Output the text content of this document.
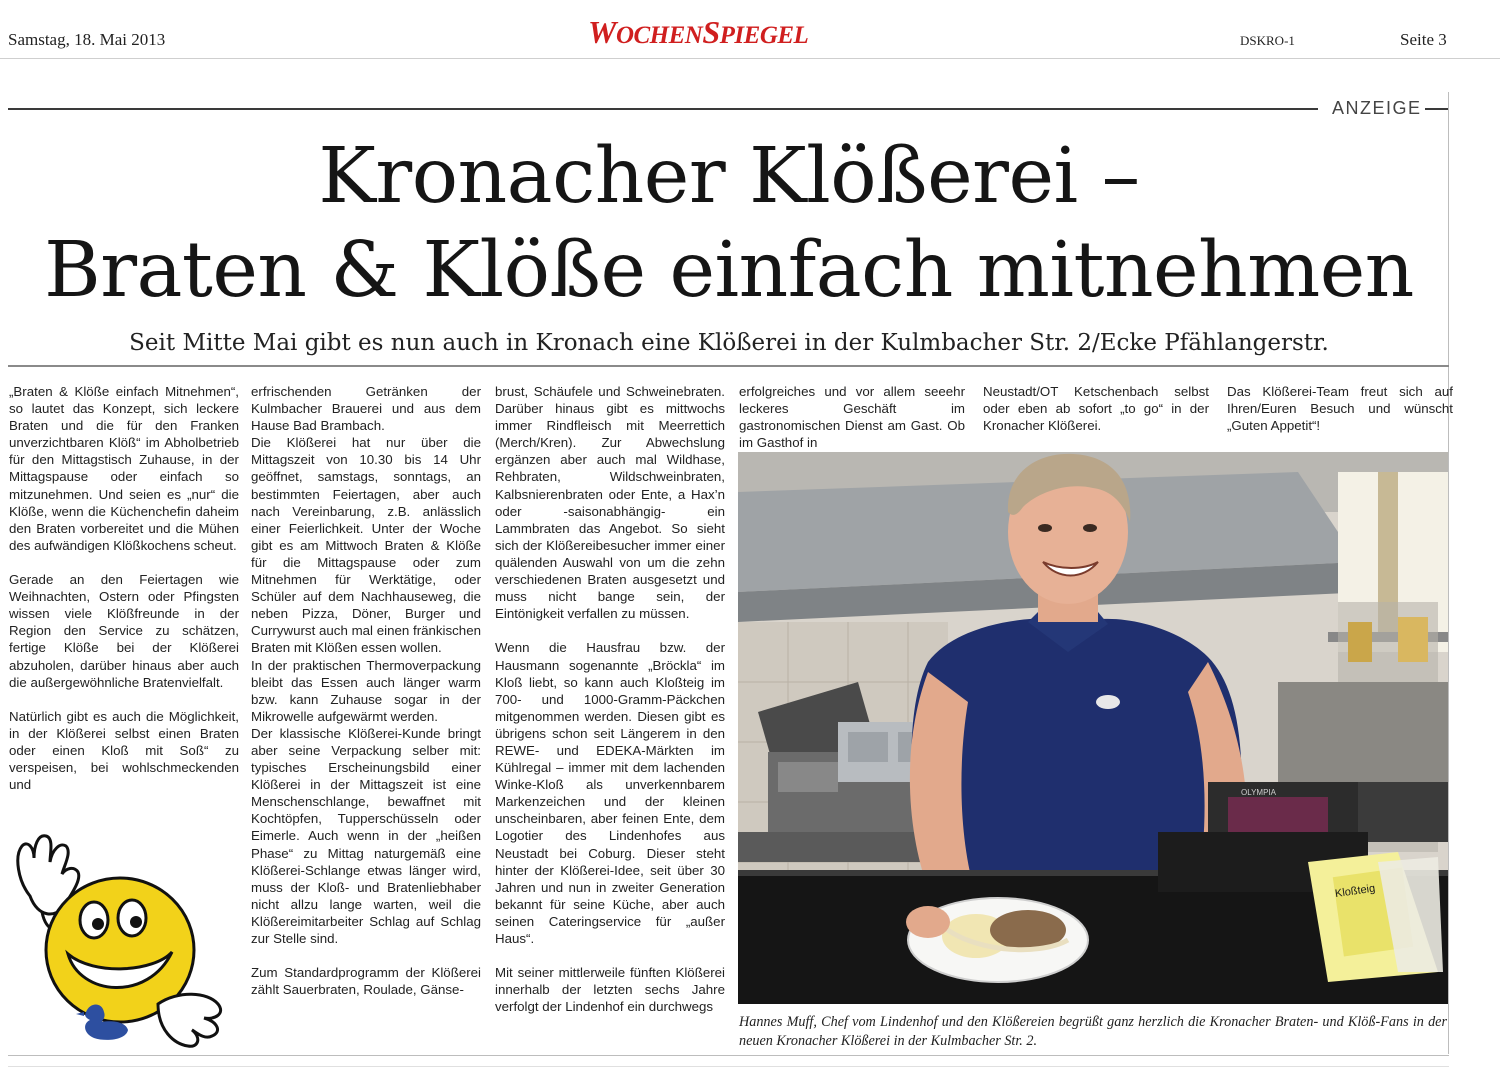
Samstag, 18. Mai 2013	WOCHENSPIEGEL	DSKRO-1	Seite 3
ANZEIGE
Kronacher Klößerei –
Braten & Klöße einfach mitnehmen
Seit Mitte Mai gibt es nun auch in Kronach eine Klößerei in der Kulmbacher Str. 2/Ecke Pfählangerstr.

„Braten & Klöße einfach Mitnehmen“, so lautet das Konzept, sich leckere Braten und die für den Franken unverzichtbaren Klöß“ im Abholbetrieb für den Mittagstisch Zuhause, in der Mittagspause oder einfach so mitzunehmen. Und seien es „nur“ die Klöße, wenn die Küchenchefin daheim den Braten vorbereitet und die Mühen des aufwändigen Klößkochens scheut.

Gerade an den Feiertagen wie Weihnachten, Ostern oder Pfingsten wissen viele Klößfreunde in der Region den Service zu schätzen, fertige Klöße bei der Klößerei abzuholen, darüber hinaus aber auch die außergewöhnliche Bratenvielfalt.

Natürlich gibt es auch die Möglichkeit, in der Klößerei selbst einen Braten oder einen Kloß mit Soß“ zu verspeisen, bei wohlschmeckenden und

erfrischenden Getränken der Kulmbacher Brauerei und aus dem Hause Bad Brambach.

Die Klößerei hat nur über die Mittagszeit von 10.30 bis 14 Uhr geöffnet, samstags, sonntags, an bestimmten Feiertagen, aber auch nach Vereinbarung, z.B. anlässlich einer Feierlichkeit. Unter der Woche gibt es am Mittwoch Braten & Klöße für die Mittagspause oder zum Mitnehmen für Werktätige, oder Schüler auf dem Nachhauseweg, die neben Pizza, Döner, Burger und Currywurst auch mal einen fränkischen Braten mit Klößen essen wollen.

In der praktischen Thermoverpackung bleibt das Essen auch länger warm bzw. kann Zuhause sogar in der Mikrowelle aufgewärmt werden.

Der klassische Klößerei-Kunde bringt aber seine Verpackung selber mit: typisches Erscheinungsbild einer Klößerei in der Mittagszeit ist eine Menschenschlange, bewaffnet mit Kochtöpfen, Tupperschüsseln oder Eimerle. Auch wenn in der „heißen Phase“ zu Mittag naturgemäß eine Klößerei-Schlange etwas länger wird, muss der Kloß- und Bratenliebhaber nicht allzu lange warten, weil die Klößereimitarbeiter Schlag auf Schlag zur Stelle sind.

Zum Standardprogramm der Klößerei zählt Sauerbraten, Roulade, Gänse-

brust, Schäufele und Schweinebraten. Darüber hinaus gibt es mittwochs immer Rindfleisch mit Meerrettich (Merch/Kren). Zur Abwechslung ergänzen aber auch mal Wildhase, Rehbraten, Wildschweinbraten, Kalbsnierenbraten oder Ente, a Hax’n oder -saisonabhängig- ein Lammbraten das Angebot. So sieht sich der Klößereibesucher immer einer quälenden Auswahl von um die zehn verschiedenen Braten ausgesetzt und muss nicht bange sein, der Eintönigkeit verfallen zu müssen.

Wenn die Hausfrau bzw. der Hausmann sogenannte „Bröckla“ im Kloß liebt, so kann auch Kloßteig im 700- und 1000-Gramm-Päckchen mitgenommen werden. Diesen gibt es übrigens schon seit Längerem in den REWE- und EDEKA-Märkten im Kühlregal – immer mit dem lachenden Winke-Kloß als unverkennbarem Markenzeichen und der kleinen unscheinbaren, aber feinen Ente, dem Logotier des Lindenhofes aus Neustadt bei Coburg. Dieser steht hinter der Klößerei-Idee, seit über 30 Jahren und nun in zweiter Generation bekannt für seine Küche, aber auch seinen Cateringservice für „außer Haus“.

Mit seiner mittlerweile fünften Klößerei innerhalb der letzten sechs Jahre verfolgt der Lindenhof ein durchwegs

erfolgreiches und vor allem seeehr leckeres Geschäft im gastronomischen Dienst am Gast. Ob im Gasthof in

Neustadt/OT Ketschenbach selbst oder eben ab sofort „to go“ in der Kronacher Klößerei.

Das Klößerei-Team freut sich auf Ihren/Euren Besuch und wünscht „Guten Appetit“!

OLYMPIA
Kloßteig
Hannes Muff, Chef vom Lindenhof und den Klößereien begrüßt ganz herzlich die Kronacher Braten- und Klöß-Fans in der neuen Kronacher Klößerei in der Kulmbacher Str. 2.
